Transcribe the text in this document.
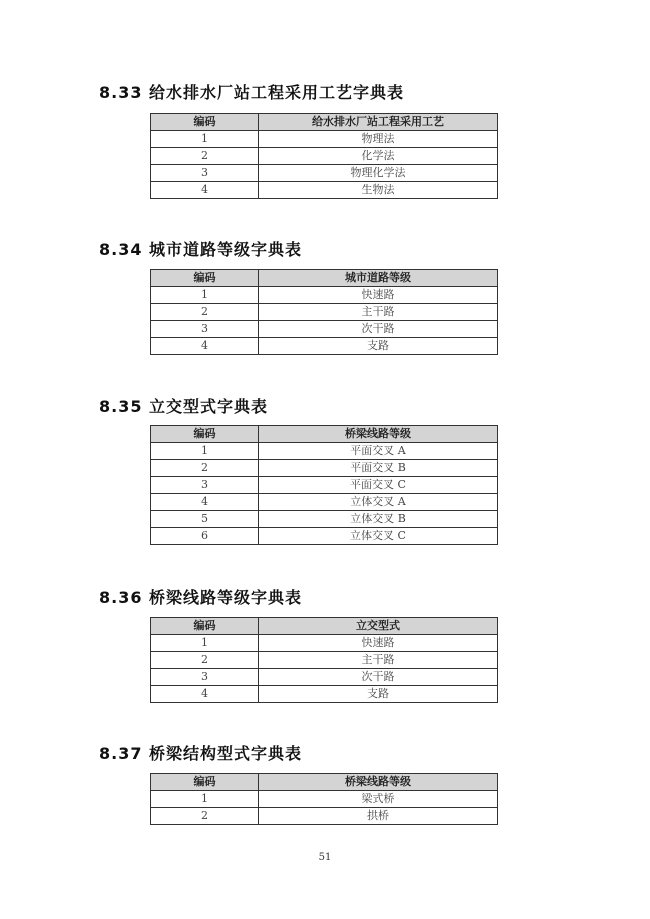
8.33 给水排水厂站工程采用工艺字典表
编码	给水排水厂站工程采用工艺
1	物理法
2	化学法
3	物理化学法
4	生物法
8.34 城市道路等级字典表
编码	城市道路等级
1	快速路
2	主干路
3	次干路
4	支路
8.35 立交型式字典表
编码	桥梁线路等级
1	平面交叉 A
2	平面交叉 B
3	平面交叉 C
4	立体交叉 A
5	立体交叉 B
6	立体交叉 C
8.36 桥梁线路等级字典表
编码	立交型式
1	快速路
2	主干路
3	次干路
4	支路
8.37 桥梁结构型式字典表
编码	桥梁线路等级
1	梁式桥
2	拱桥
51
